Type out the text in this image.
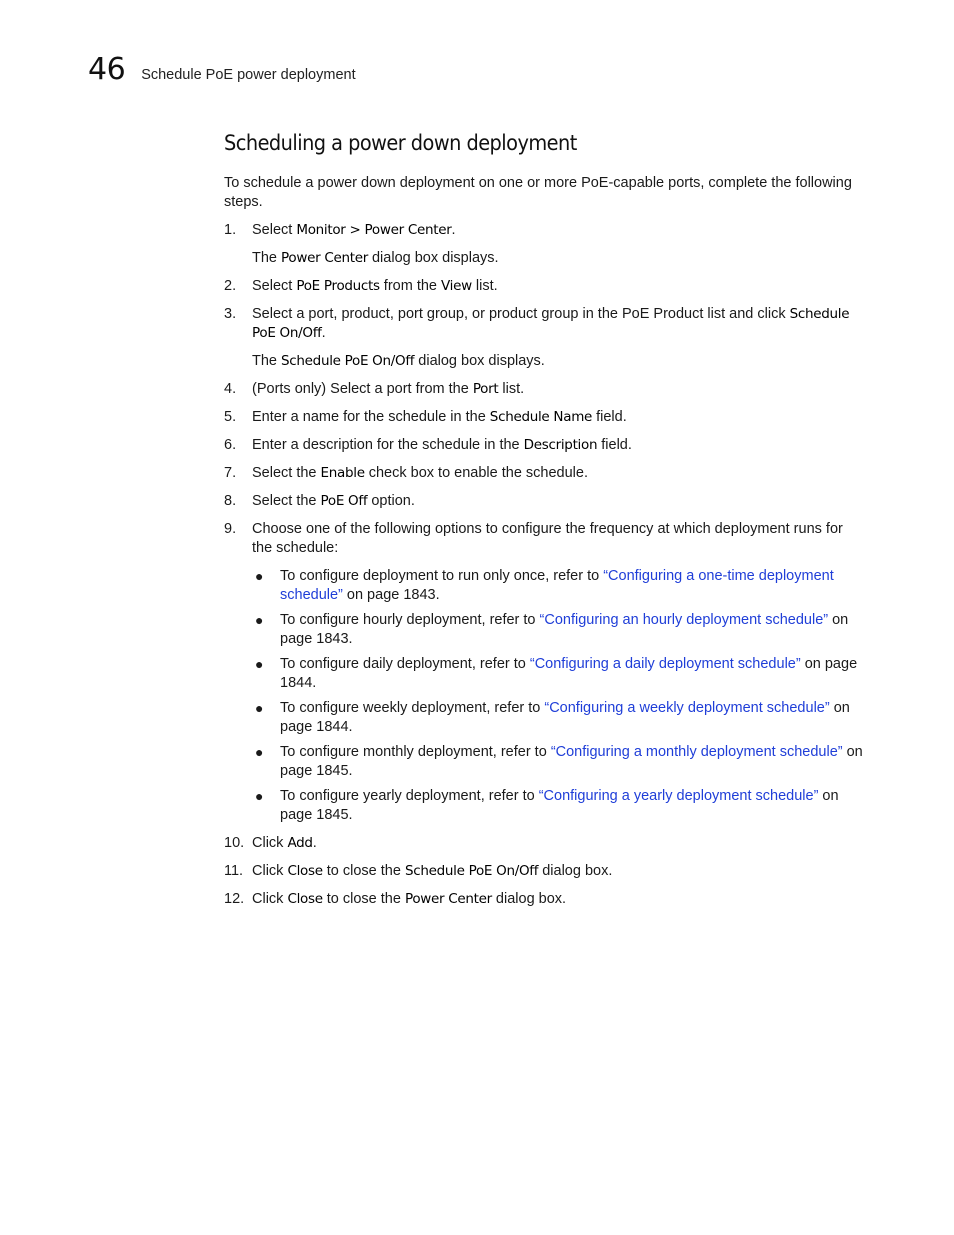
46 Schedule PoE power deployment
Scheduling a power down deployment

To schedule a power down deployment on one or more PoE-capable ports, complete the following steps.

1. Select Monitor > Power Center.

The Power Center dialog box displays.

2. Select PoE Products from the View list.

3. Select a port, product, port group, or product group in the PoE Product list and click Schedule PoE On/Off.

The Schedule PoE On/Off dialog box displays.

4. (Ports only) Select a port from the Port list.

5. Enter a name for the schedule in the Schedule Name field.

6. Enter a description for the schedule in the Description field.

7. Select the Enable check box to enable the schedule.

8. Select the PoE Off option.

9. Choose one of the following options to configure the frequency at which deployment runs for the schedule:

● To configure deployment to run only once, refer to “Configuring a one-time deployment schedule” on page 1843.
● To configure hourly deployment, refer to “Configuring an hourly deployment schedule” on page 1843.
● To configure daily deployment, refer to “Configuring a daily deployment schedule” on page 1844.
● To configure weekly deployment, refer to “Configuring a weekly deployment schedule” on page 1844.
● To configure monthly deployment, refer to “Configuring a monthly deployment schedule” on page 1845.
● To configure yearly deployment, refer to “Configuring a yearly deployment schedule” on page 1845.
10. Click Add.

11. Click Close to close the Schedule PoE On/Off dialog box.

12. Click Close to close the Power Center dialog box.
